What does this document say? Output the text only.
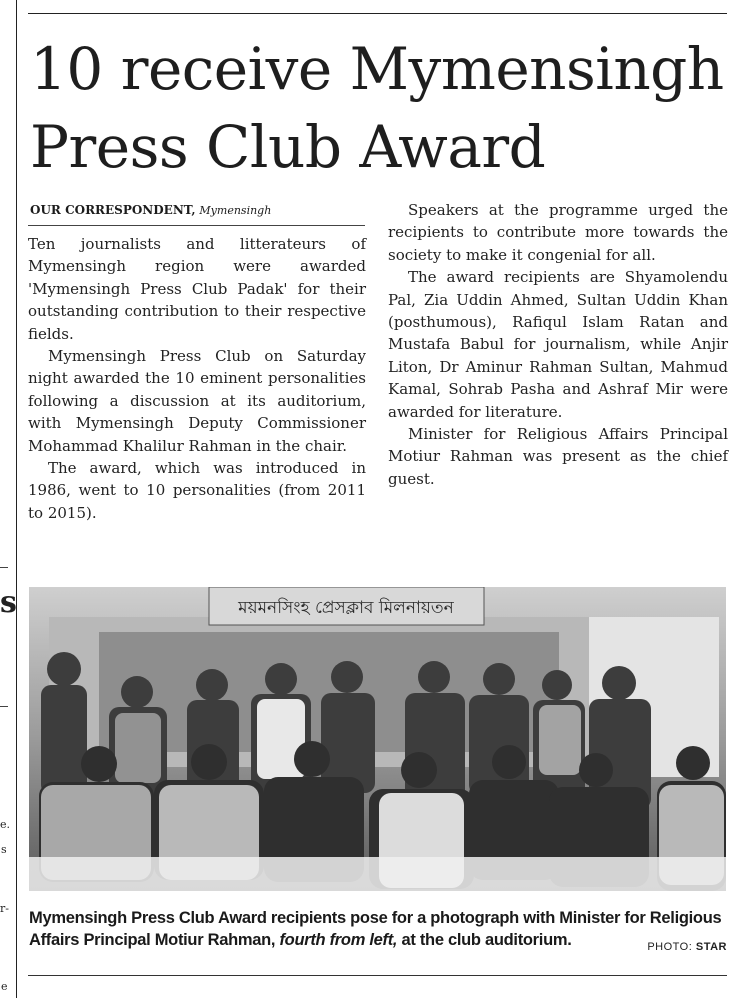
s
e.
s
r-
e
10 receive Mymensingh Press Club Award
OUR CORRESPONDENT, Mymensingh

Ten journalists and litterateurs of Mymensingh region were awarded 'Mymensingh Press Club Padak' for their outstanding contribution to their respective fields.

Mymensingh Press Club on Saturday night awarded the 10 eminent personalities following a discussion at its auditorium, with Mymensingh Deputy Commissioner Mohammad Khalilur Rahman in the chair.

The award, which was introduced in 1986, went to 10 personalities (from 2011 to 2015).

Speakers at the programme urged the recipients to contribute more towards the society to make it congenial for all.

The award recipients are Shyamolendu Pal, Zia Uddin Ahmed, Sultan Uddin Khan (posthumous), Rafiqul Islam Ratan and Mustafa Babul for journalism, while Anjir Liton, Dr Aminur Rahman Sultan, Mahmud Kamal, Sohrab Pasha and Ashraf Mir were awarded for literature.

Minister for Religious Affairs Principal Motiur Rahman was present as the chief guest.

ময়মনসিংহ প্রেসক্লাব মিলনায়তন

Mymensingh Press Club Award recipients pose for a photograph with Minister for Religious Affairs Principal Motiur Rahman, fourth from left, at the club auditorium.	PHOTO: STAR
